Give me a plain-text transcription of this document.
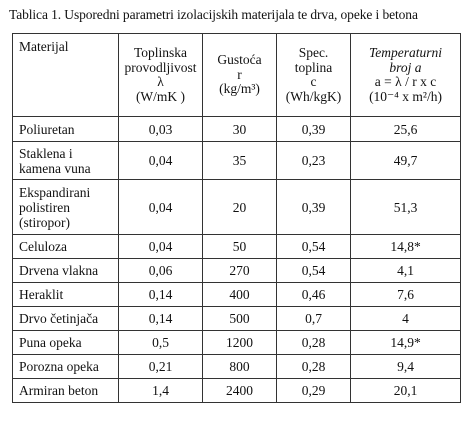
Tablica 1. Usporedni parametri izolacijskih materijala te drva, opeke i betona
Materijal	Toplinska
provodljivost
λ
(W/mK )	Gustoća
r
(kg/m³)	Spec.
toplina
c
(Wh/kgK)	Temperaturni
broj a
a = λ / r x c
(10⁻⁴ x m²/h)

Poliuretan	0,03	30	0,39	25,6
Staklena i kamena vuna	0,04	35	0,23	49,7
Ekspandirani polistiren (stiropor)	0,04	20	0,39	51,3
Celuloza	0,04	50	0,54	14,8*
Drvena vlakna	0,06	270	0,54	4,1
Heraklit	0,14	400	0,46	7,6
Drvo četinjača	0,14	500	0,7	4
Puna opeka	0,5	1200	0,28	14,9*
Porozna opeka	0,21	800	0,28	9,4
Armiran beton	1,4	2400	0,29	20,1
